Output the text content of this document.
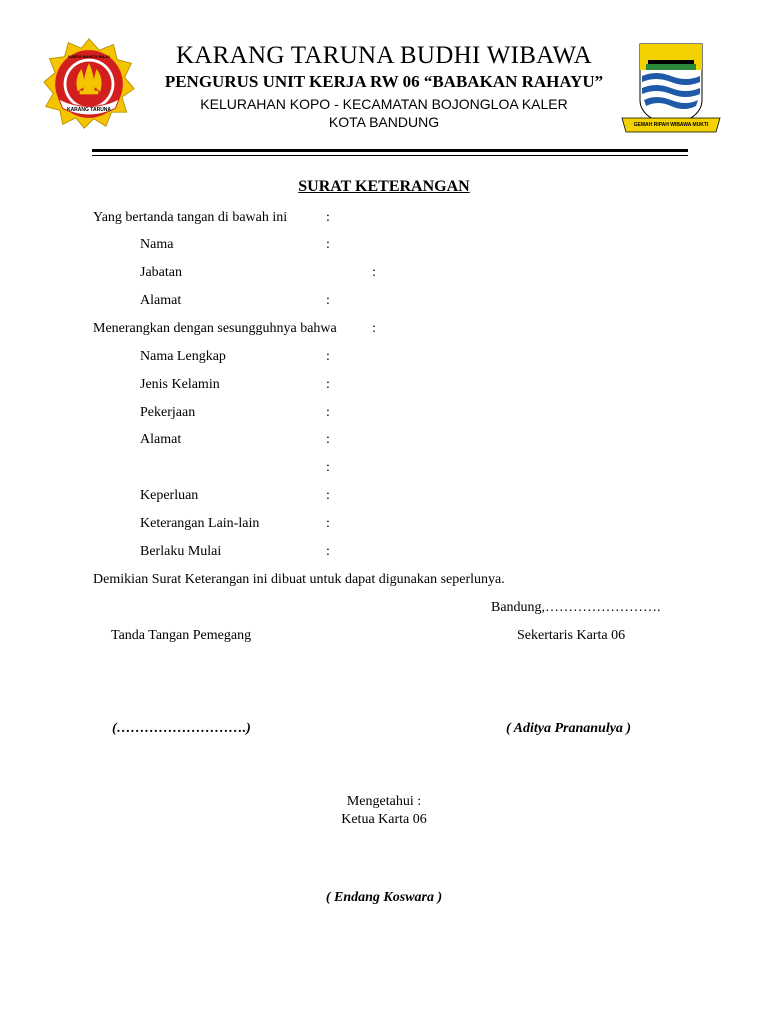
KARTA BAHITA MAJU
KARANG TARUNA
KARANG TARUNA BUDHI WIBAWA
PENGURUS UNIT KERJA RW 06 “BABAKAN RAHAYU”
KELURAHAN KOPO - KECAMATAN BOJONGLOA KALER
KOTA BANDUNG	GEMAH RIPAH WIBAWA MUKTI
SURAT KETERANGAN
Yang bertanda tangan di bawah ini	:
Nama	:
Jabatan	:
Alamat	:
Menerangkan dengan sesungguhnya bahwa	:
Nama Lengkap	:
Jenis Kelamin	:
Pekerjaan	:
Alamat	:
:
Keperluan	:
Keterangan Lain-lain	:
Berlaku Mulai	:
Demikian Surat Keterangan ini dibuat untuk dapat digunakan seperlunya.
Bandung,…………………….
Tanda Tangan Pemegang	Sekertaris Karta 06
(……………………….)	( Aditya Prananulya )
Mengetahui :
Ketua Karta 06
( Endang Koswara )
